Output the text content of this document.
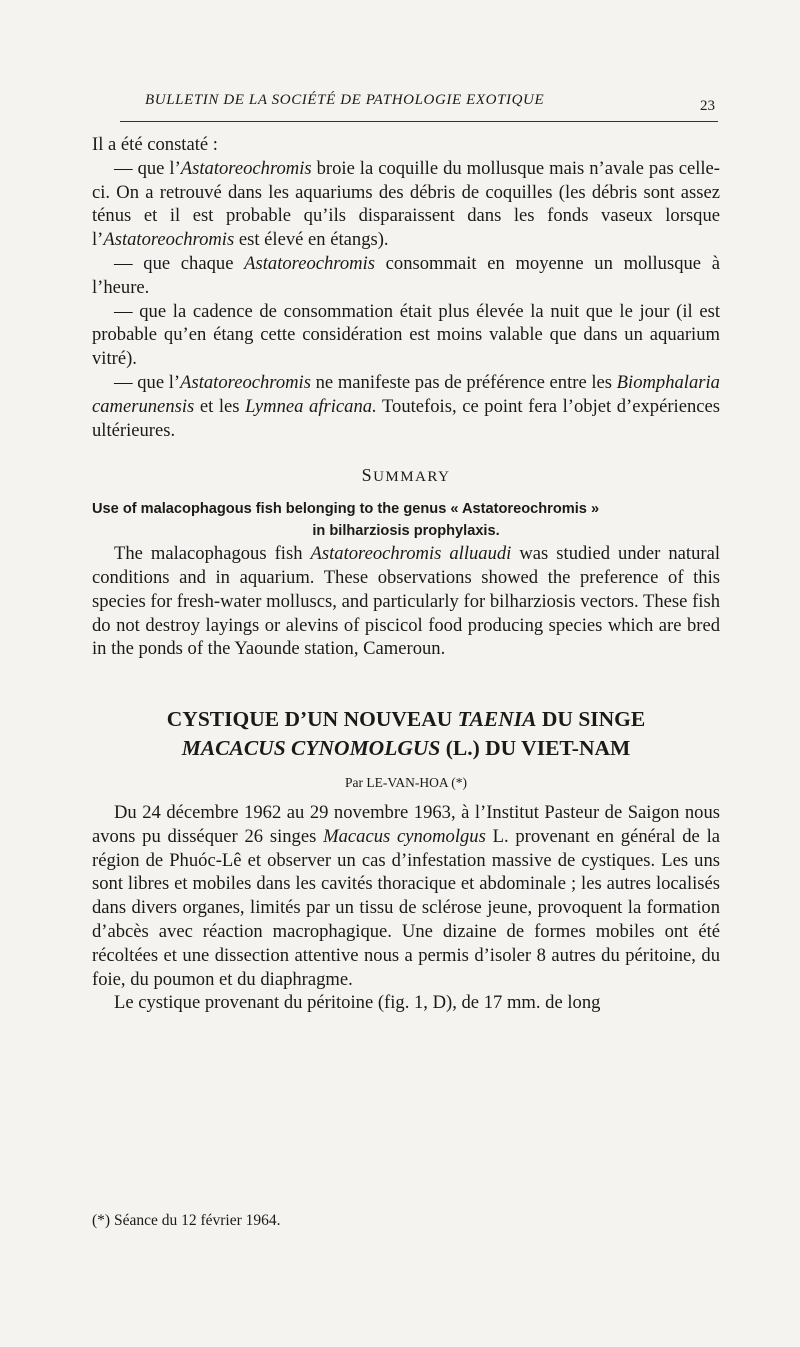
BULLETIN DE LA SOCIÉTÉ DE PATHOLOGIE EXOTIQUE	23

Il a été constaté :

— que l’Astatoreochromis broie la coquille du mollusque mais n’avale pas celle-ci. On a retrouvé dans les aquariums des débris de coquilles (les débris sont assez ténus et il est probable qu’ils disparaissent dans les fonds vaseux lorsque l’Astatoreochromis est élevé en étangs).

— que chaque Astatoreochromis consommait en moyenne un mollusque à l’heure.

— que la cadence de consommation était plus élevée la nuit que le jour (il est probable qu’en étang cette considération est moins valable que dans un aquarium vitré).

— que l’Astatoreochromis ne manifeste pas de préférence entre les Biomphalaria camerunensis et les Lymnea africana. Toutefois, ce point fera l’objet d’expériences ultérieures.

SUMMARY
Use of malacophagous fish belonging to the genus « Astatoreochromis »
in bilharziosis prophylaxis.

The malacophagous fish Astatoreochromis alluaudi was studied under natural conditions and in aquarium. These observations showed the preference of this species for fresh-water molluscs, and particularly for bilharziosis vectors. These fish do not destroy layings or alevins of piscicol food producing species which are bred in the ponds of the Yaounde station, Cameroun.

CYSTIQUE D’UN NOUVEAU TAENIA DU SINGE
MACACUS CYNOMOLGUS (L.) DU VIET-NAM
Par LE-VAN-HOA (*)

Du 24 décembre 1962 au 29 novembre 1963, à l’Institut Pasteur de Saigon nous avons pu disséquer 26 singes Macacus cynomolgus L. provenant en général de la région de Phuóc-Lê et observer un cas d’infestation massive de cystiques. Les uns sont libres et mobiles dans les cavités thoracique et abdominale ; les autres localisés dans divers organes, limités par un tissu de sclérose jeune, provoquent la formation d’abcès avec réaction macrophagique. Une dizaine de formes mobiles ont été récoltées et une dissection attentive nous a permis d’isoler 8 autres du péritoine, du foie, du poumon et du diaphragme.

Le cystique provenant du péritoine (fig. 1, D), de 17 mm. de long

(*) Séance du 12 février 1964.
